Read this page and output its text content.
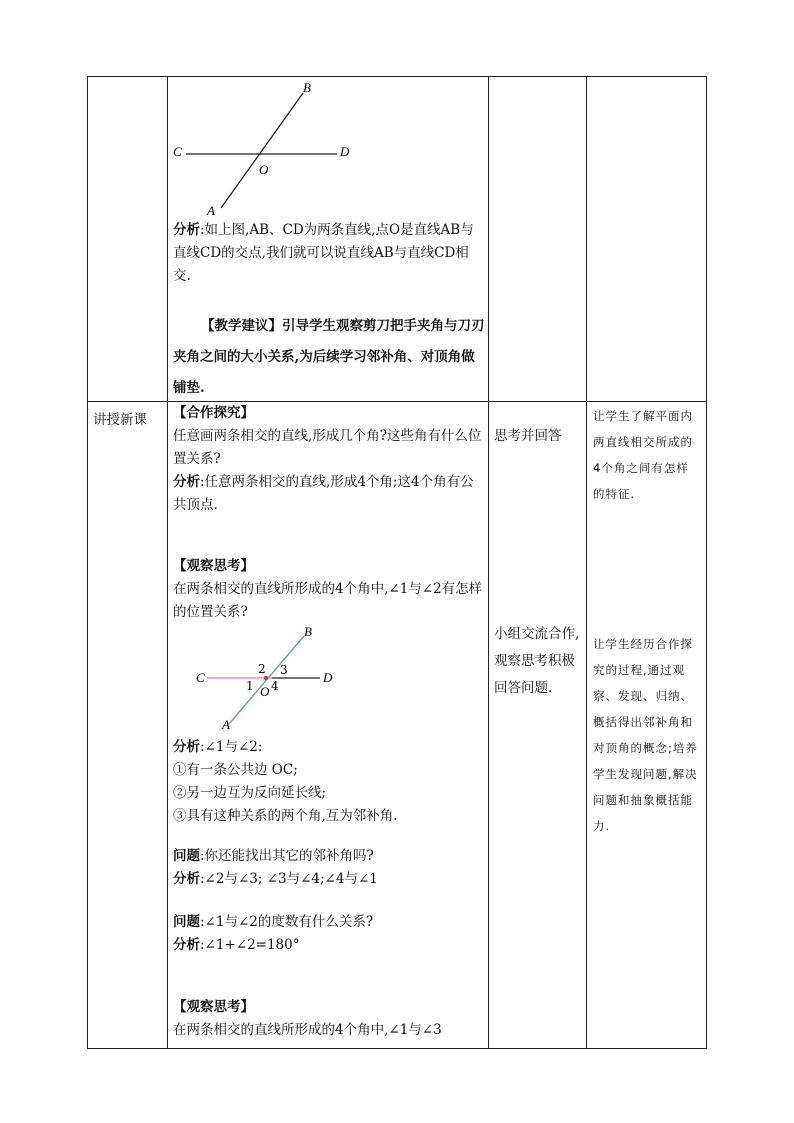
B
C	D
O
A
分析:如上图,AB、CD为两条直线,点O是直线AB与直线CD的交点,我们就可以说直线AB与直线CD相交.
【教学建议】引导学生观察剪刀把手夹角与刀刃夹角之间的大小关系,为后续学习邻补角、对顶角做铺垫.
讲授新课 【合作探究】

任意画两条相交的直线,形成几个角?这些角有什么位置关系?

分析:任意两条相交的直线,形成4个角;这4个角有公共顶点.

【观察思考】

在两条相交的直线所形成的4个角中,∠1与∠2有怎样的位置关系?

B
C	D
O
A
2 3
1 4

分析:∠1与∠2:

①有一条公共边 OC;

②另一边互为反向延长线;

③具有这种关系的两个角,互为邻补角.

问题:你还能找出其它的邻补角吗?

分析:∠2与∠3; ∠3与∠4;∠4与∠1

问题:∠1与∠2的度数有什么关系?

分析:∠1+∠2=180°

【观察思考】

在两条相交的直线所形成的4个角中,∠1与∠3

思考并回答
小组交流合作,观察思考积极回答问题.
让学生了解平面内两直线相交所成的4个角之间有怎样的特征.
让学生经历合作探究的过程,通过观察、发现、归纳、概括得出邻补角和对顶角的概念;培养学生发现问题,解决问题和抽象概括能力.
